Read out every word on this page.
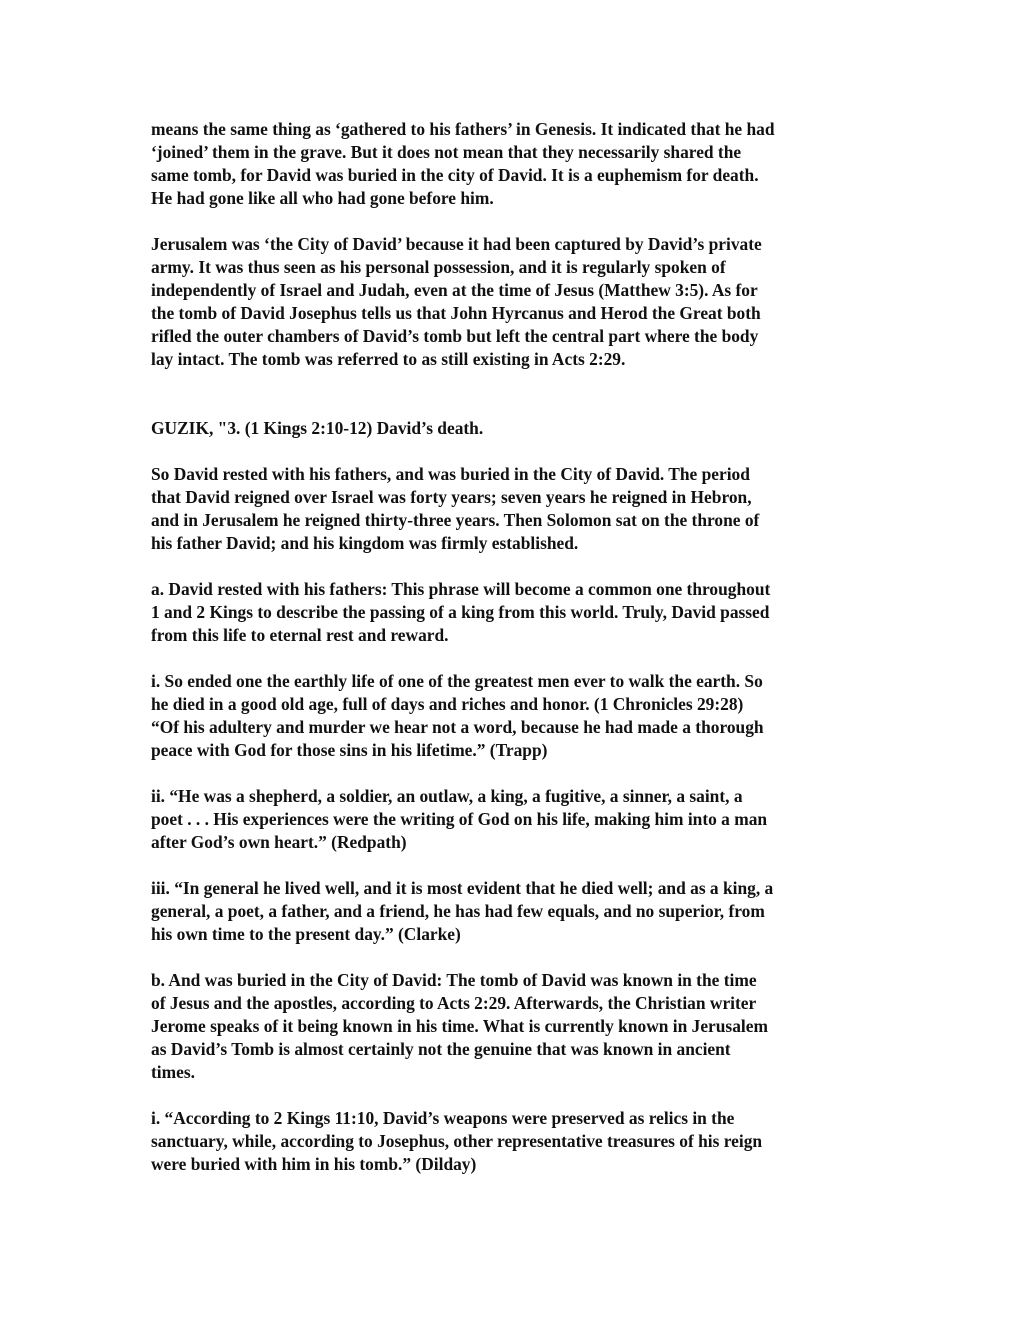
means the same thing as ‘gathered to his fathers’ in Genesis. It indicated that he had
‘joined’ them in the grave. But it does not mean that they necessarily shared the
same tomb, for David was buried in the city of David. It is a euphemism for death.
He had gone like all who had gone before him.

Jerusalem was ‘the City of David’ because it had been captured by David’s private
army. It was thus seen as his personal possession, and it is regularly spoken of
independently of Israel and Judah, even at the time of Jesus (Matthew 3:5). As for
the tomb of David Josephus tells us that John Hyrcanus and Herod the Great both
rifled the outer chambers of David’s tomb but left the central part where the body
lay intact. The tomb was referred to as still existing in Acts 2:29.

GUZIK, "3. (1 Kings 2:10-12) David’s death.

So David rested with his fathers, and was buried in the City of David. The period
that David reigned over Israel was forty years; seven years he reigned in Hebron,
and in Jerusalem he reigned thirty-three years. Then Solomon sat on the throne of
his father David; and his kingdom was firmly established.

a. David rested with his fathers: This phrase will become a common one throughout
1 and 2 Kings to describe the passing of a king from this world. Truly, David passed
from this life to eternal rest and reward.

i. So ended one the earthly life of one of the greatest men ever to walk the earth. So
he died in a good old age, full of days and riches and honor. (1 Chronicles 29:28)
“Of his adultery and murder we hear not a word, because he had made a thorough
peace with God for those sins in his lifetime.” (Trapp)

ii. “He was a shepherd, a soldier, an outlaw, a king, a fugitive, a sinner, a saint, a
poet . . . His experiences were the writing of God on his life, making him into a man
after God’s own heart.” (Redpath)

iii. “In general he lived well, and it is most evident that he died well; and as a king, a
general, a poet, a father, and a friend, he has had few equals, and no superior, from
his own time to the present day.” (Clarke)

b. And was buried in the City of David: The tomb of David was known in the time
of Jesus and the apostles, according to Acts 2:29. Afterwards, the Christian writer
Jerome speaks of it being known in his time. What is currently known in Jerusalem
as David’s Tomb is almost certainly not the genuine that was known in ancient
times.

i. “According to 2 Kings 11:10, David’s weapons were preserved as relics in the
sanctuary, while, according to Josephus, other representative treasures of his reign
were buried with him in his tomb.” (Dilday)
